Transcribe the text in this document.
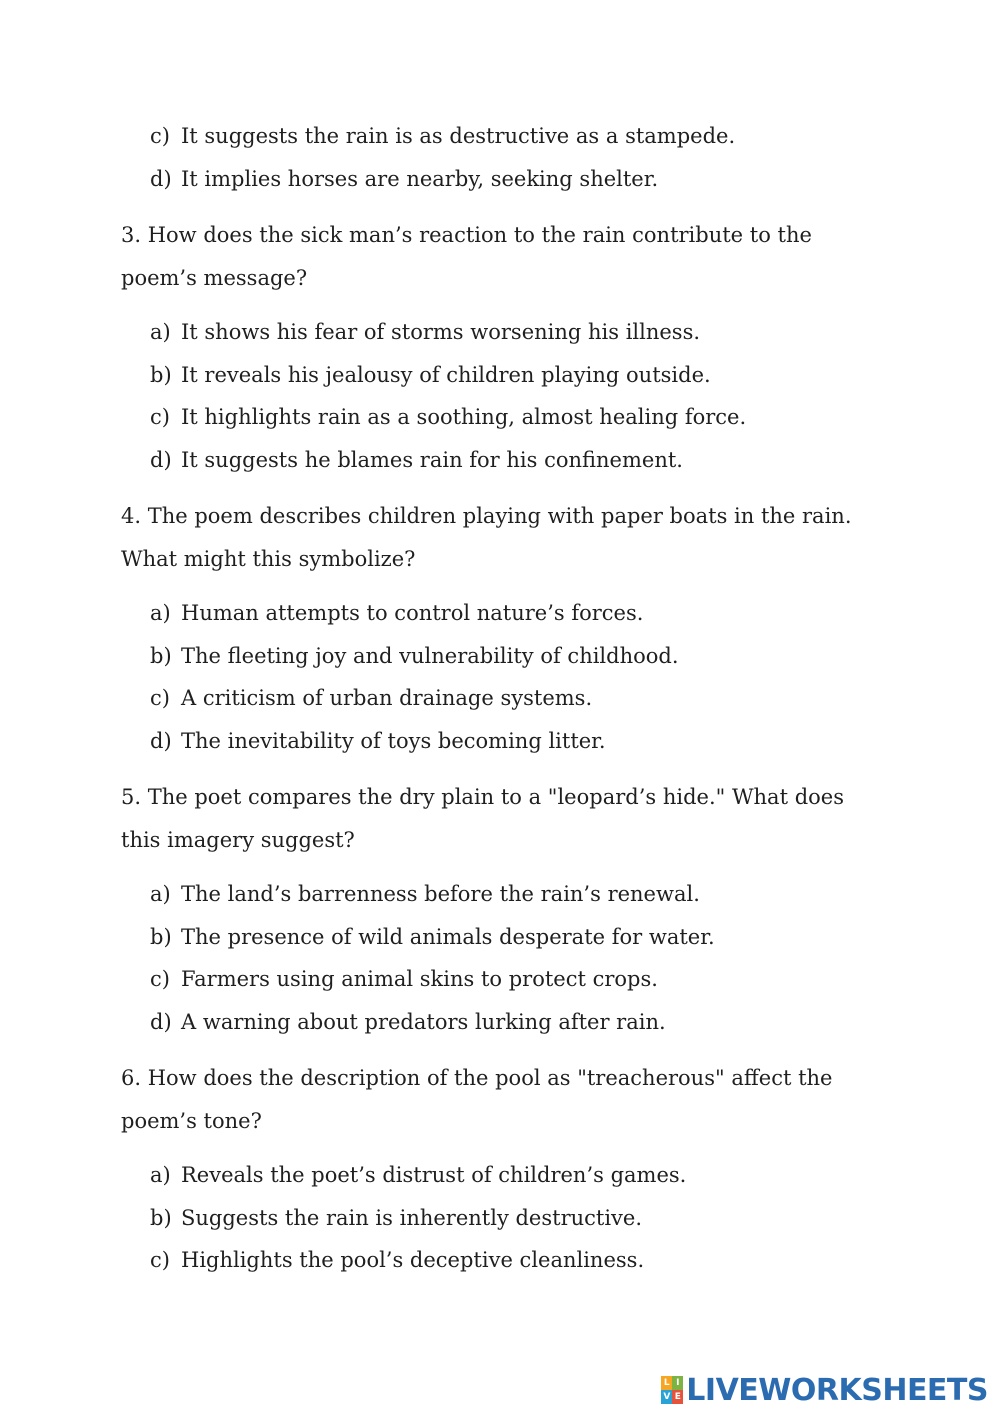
c) It suggests the rain is as destructive as a stampede.
d) It implies horses are nearby, seeking shelter.
3. How does the sick man’s reaction to the rain contribute to the
poem’s message?
a) It shows his fear of storms worsening his illness.
b) It reveals his jealousy of children playing outside.
c) It highlights rain as a soothing, almost healing force.
d) It suggests he blames rain for his confinement.
4. The poem describes children playing with paper boats in the rain.
What might this symbolize?
a) Human attempts to control nature’s forces.
b) The fleeting joy and vulnerability of childhood.
c) A criticism of urban drainage systems.
d) The inevitability of toys becoming litter.
5. The poet compares the dry plain to a "leopard’s hide." What does
this imagery suggest?
a) The land’s barrenness before the rain’s renewal.
b) The presence of wild animals desperate for water.
c) Farmers using animal skins to protect crops.
d) A warning about predators lurking after rain.
6. How does the description of the pool as "treacherous" affect the
poem’s tone?
a) Reveals the poet’s distrust of children’s games.
b) Suggests the rain is inherently destructive.
c) Highlights the pool’s deceptive cleanliness.
L I
V E LIVEWORKSHEETS
